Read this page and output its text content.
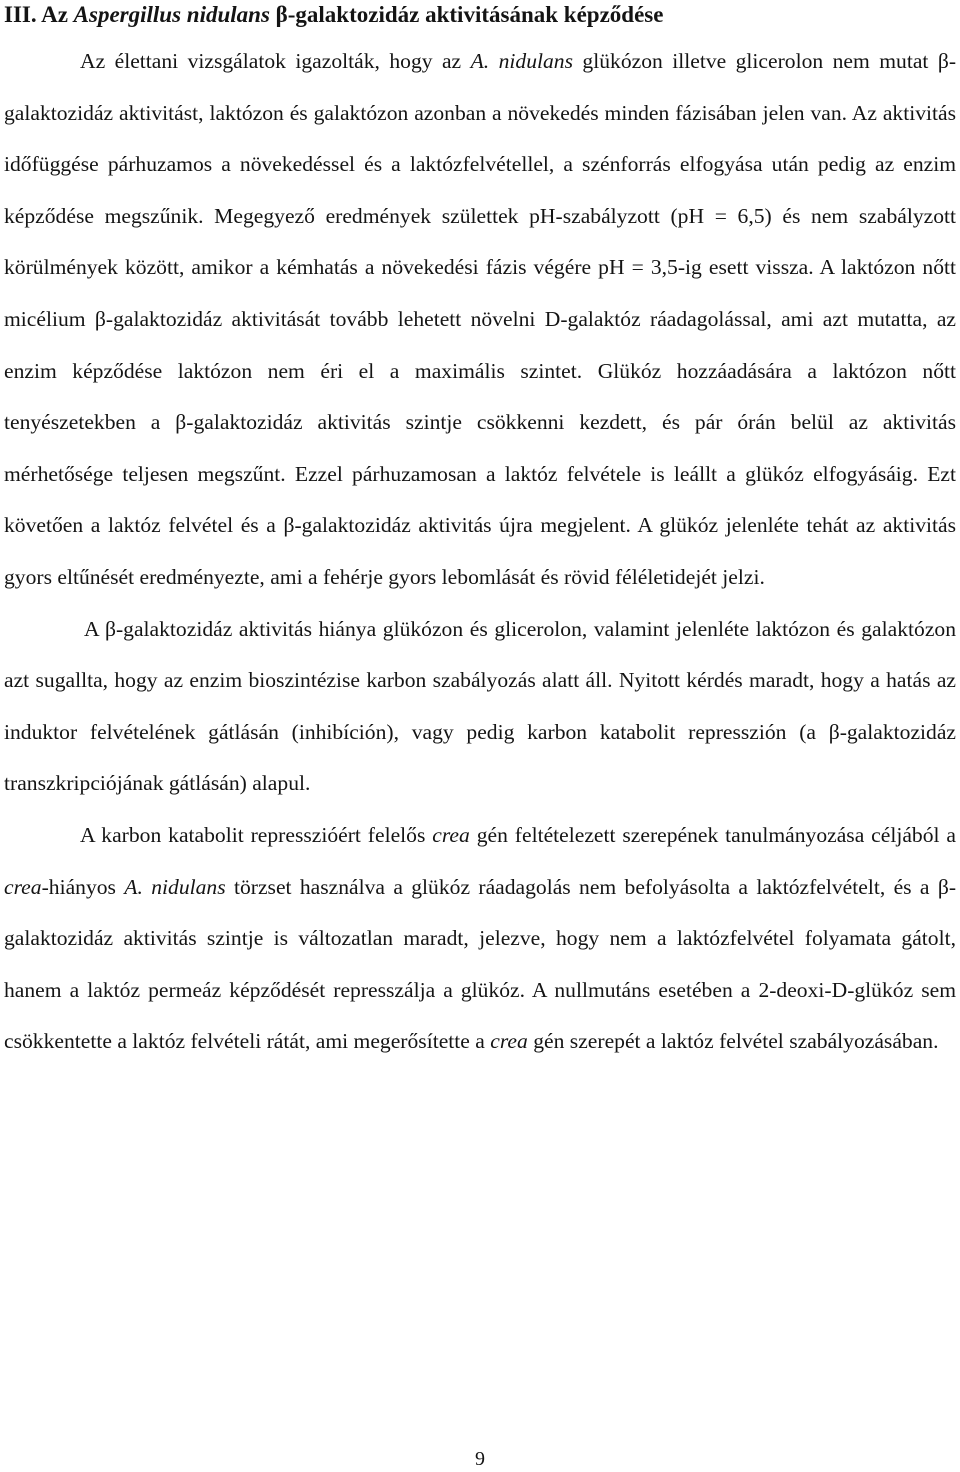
III. Az Aspergillus nidulans β-galaktozidáz aktivitásának képződése

Az élettani vizsgálatok igazolták, hogy az A. nidulans glükózon illetve glicerolon nem mutat β-galaktozidáz aktivitást, laktózon és galaktózon azonban a növekedés minden fázisában jelen van. Az aktivitás időfüggése párhuzamos a növekedéssel és a laktózfelvétellel, a szénforrás elfogyása után pedig az enzim képződése megszűnik. Megegyező eredmények születtek pH-szabályzott (pH = 6,5) és nem szabályzott körülmények között, amikor a kémhatás a növekedési fázis végére pH = 3,5-ig esett vissza. A laktózon nőtt micélium β-galaktozidáz aktivitását tovább lehetett növelni D-galaktóz ráadagolással, ami azt mutatta, az enzim képződése laktózon nem éri el a maximális szintet. Glükóz hozzáadására a laktózon nőtt tenyészetekben a β-galaktozidáz aktivitás szintje csökkenni kezdett, és pár órán belül az aktivitás mérhetősége teljesen megszűnt. Ezzel párhuzamosan a laktóz felvétele is leállt a glükóz elfogyásáig. Ezt követően a laktóz felvétel és a β-galaktozidáz aktivitás újra megjelent. A glükóz jelenléte tehát az aktivitás gyors eltűnését eredményezte, ami a fehérje gyors lebomlását és rövid féléletidejét jelzi.

A β-galaktozidáz aktivitás hiánya glükózon és glicerolon, valamint jelenléte laktózon és galaktózon azt sugallta, hogy az enzim bioszintézise karbon szabályozás alatt áll. Nyitott kérdés maradt, hogy a hatás az induktor felvételének gátlásán (inhibíción), vagy pedig karbon katabolit represszión (a β-galaktozidáz transzkripciójának gátlásán) alapul.

A karbon katabolit represszióért felelős crea gén feltételezett szerepének tanulmányozása céljából a crea-hiányos A. nidulans törzset használva a glükóz ráadagolás nem befolyásolta a laktózfelvételt, és a β-galaktozidáz aktivitás szintje is változatlan maradt, jelezve, hogy nem a laktózfelvétel folyamata gátolt, hanem a laktóz permeáz képződését represszálja a glükóz. A nullmutáns esetében a 2-deoxi-D-glükóz sem csökkentette a laktóz felvételi rátát, ami megerősítette a crea gén szerepét a laktóz felvétel szabályozásában.

9
